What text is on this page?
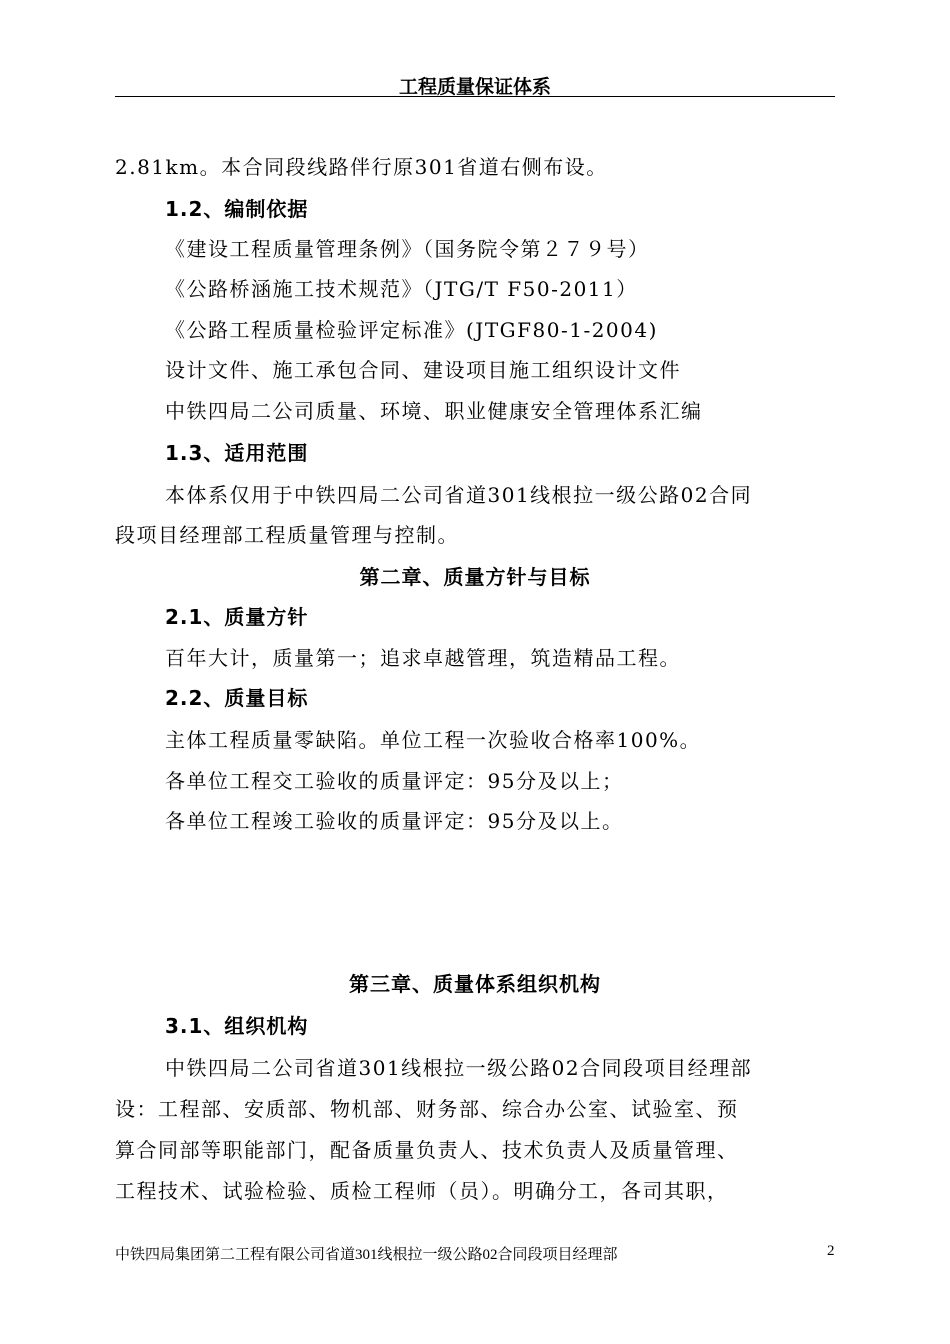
工程质量保证体系
2.81km。本合同段线路伴行原301省道右侧布设。
1.2、编制依据
《建设工程质量管理条例》（国务院令第２７９号）
《公路桥涵施工技术规范》（JTG/T F50-2011）
《公路工程质量检验评定标准》(JTGF80-1-2004)
设计文件、施工承包合同、建设项目施工组织设计文件
中铁四局二公司质量、环境、职业健康安全管理体系汇编
1.3、适用范围
本体系仅用于中铁四局二公司省道301线根拉一级公路02合同
段项目经理部工程质量管理与控制。
第二章、质量方针与目标
2.1、质量方针
百年大计，质量第一；追求卓越管理，筑造精品工程。
2.2、质量目标
主体工程质量零缺陷。单位工程一次验收合格率100%。
各单位工程交工验收的质量评定：95分及以上；
各单位工程竣工验收的质量评定：95分及以上。
第三章、质量体系组织机构
3.1、组织机构
中铁四局二公司省道301线根拉一级公路02合同段项目经理部
设：工程部、安质部、物机部、财务部、综合办公室、试验室、预
算合同部等职能部门，配备质量负责人、技术负责人及质量管理、
工程技术、试验检验、质检工程师（员）。明确分工，各司其职，
中铁四局集团第二工程有限公司省道301线根拉一级公路02合同段项目经理部	2
